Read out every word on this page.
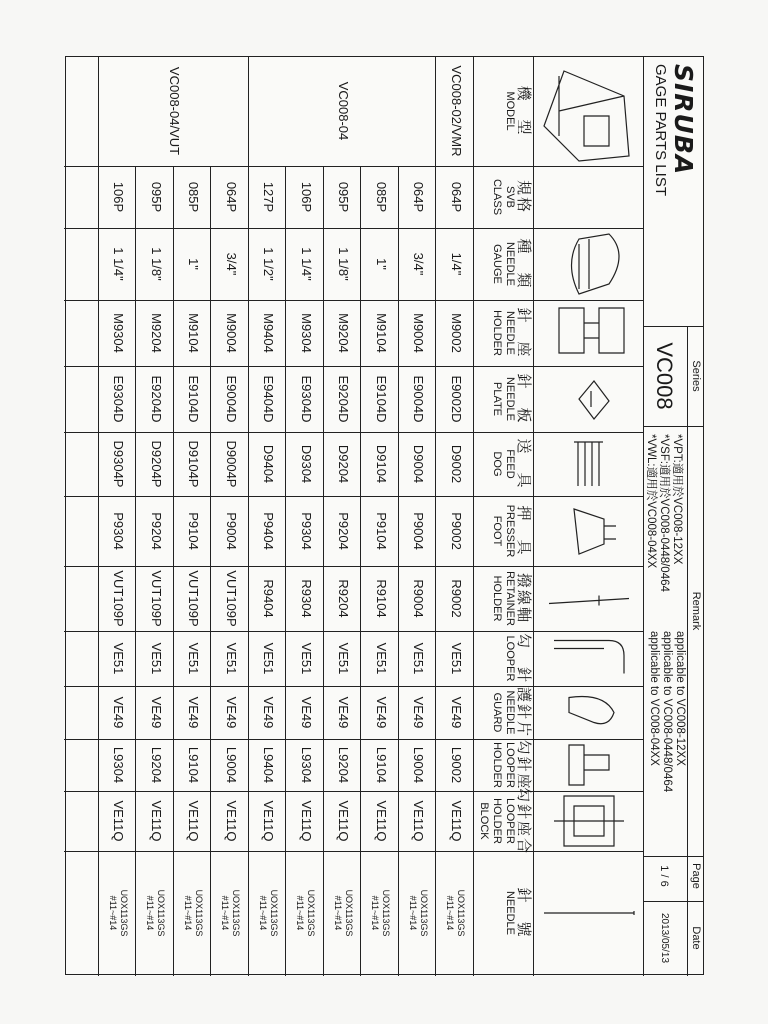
SIRUBA
GAGE PARTS LIST
Series
VC008
Remark
*VPT:適用於VC008-12XX
applicable to VC008-12XX
*VSF:適用於VC008-0448/0464
applicable to VC008-0448/0464
*VWL:適用於VC008-04XX
applicable to VC008-04XX
Page
1 / 6
Date
2013/05/13
機　型
MODEL
規格
SVB
CLASS
種　類
NEEDLE
GAUGE
針　座
NEEDLE
HOLDER
針　板
NEEDLE
PLATE
送　具
FEED
DOG
押　具
PRESSER
FOOT
撥線軸
RETAINER
HOLDER
勾　針
LOOPER
護針片
NEEDLE
GUARD
勾針座
LOOPER
HOLDER
勾針座合
LOOPER
HOLDER
BLOCK
針　號
NEEDLE
VC008-02/VMR
VC008-04
VC008-04/VUT
064P
1/4"
M9002
E9002D
D9002
P9002
R9002
VE51
VE49
L9002
VE11Q
UOX113GS
#11~#14
064P
3/4"
M9004
E9004D
D9004
P9004
R9004
VE51
VE49
L9004
VE11Q
UOX113GS
#11~#14
085P
1"
M9104
E9104D
D9104
P9104
R9104
VE51
VE49
L9104
VE11Q
UOX113GS
#11~#14
095P
1 1/8"
M9204
E9204D
D9204
P9204
R9204
VE51
VE49
L9204
VE11Q
UOX113GS
#11~#14
106P
1 1/4"
M9304
E9304D
D9304
P9304
R9304
VE51
VE49
L9304
VE11Q
UOX113GS
#11~#14
127P
1 1/2"
M9404
E9404D
D9404
P9404
R9404
VE51
VE49
L9404
VE11Q
UOX113GS
#11~#14
064P
3/4"
M9004
E9004D
D9004P
P9004
VUT109P
VE51
VE49
L9004
VE11Q
UOX113GS
#11~#14
085P
1"
M9104
E9104D
D9104P
P9104
VUT109P
VE51
VE49
L9104
VE11Q
UOX113GS
#11~#14
095P
1 1/8"
M9204
E9204D
D9204P
P9204
VUT109P
VE51
VE49
L9204
VE11Q
UOX113GS
#11~#14
106P
1 1/4"
M9304
E9304D
D9304P
P9304
VUT109P
VE51
VE49
L9304
VE11Q
UOX113GS
#11~#14
